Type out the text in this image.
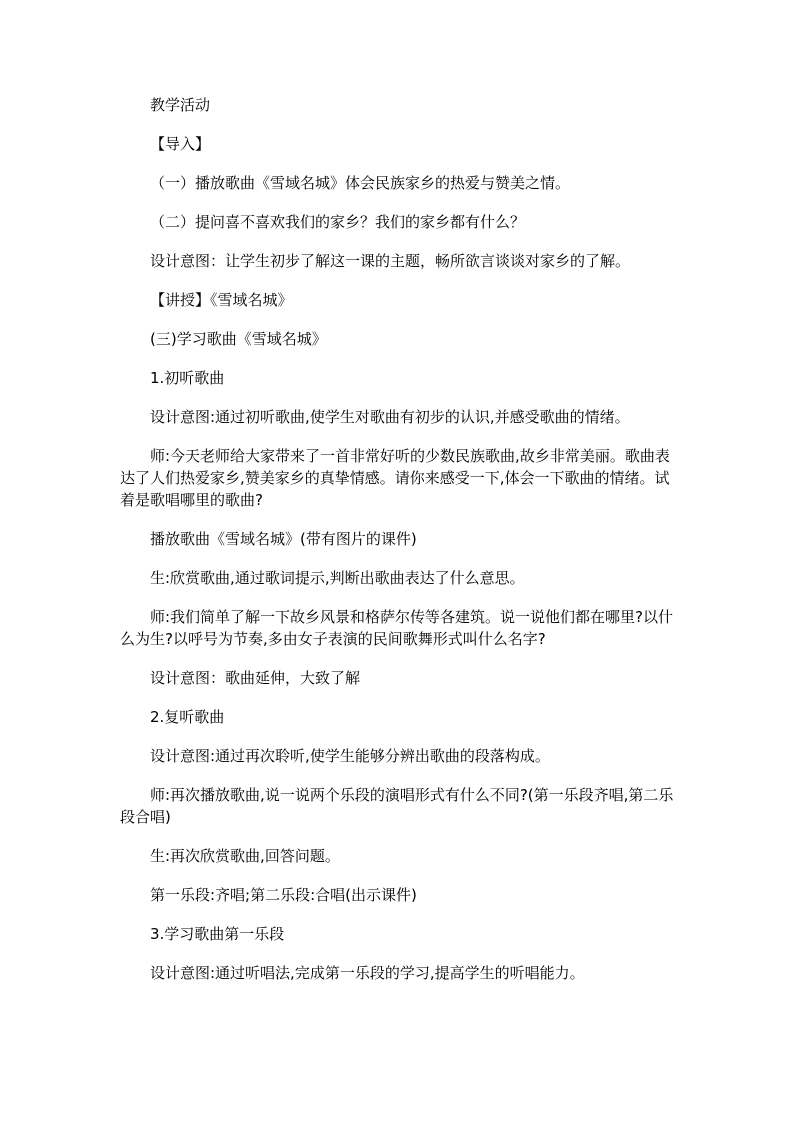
教学活动

【导入】

（一）播放歌曲《雪域名城》体会民族家乡的热爱与赞美之情。

（二）提问喜不喜欢我们的家乡？我们的家乡都有什么？

设计意图：让学生初步了解这一课的主题，畅所欲言谈谈对家乡的了解。

【讲授】《雪域名城》

(三)学习歌曲《雪域名城》

1.初听歌曲

设计意图:通过初听歌曲,使学生对歌曲有初步的认识,并感受歌曲的情绪。

师:今天老师给大家带来了一首非常好听的少数民族歌曲,故乡非常美丽。歌曲表达了人们热爱家乡,赞美家乡的真挚情感。请你来感受一下,体会一下歌曲的情绪。试着是歌唱哪里的歌曲?

播放歌曲《雪域名城》(带有图片的课件)

生:欣赏歌曲,通过歌词提示,判断出歌曲表达了什么意思。

师:我们简单了解一下故乡风景和格萨尔传等各建筑。说一说他们都在哪里?以什么为生?以呼号为节奏,多由女子表演的民间歌舞形式叫什么名字?

设计意图：歌曲延伸，大致了解

2.复听歌曲

设计意图:通过再次聆听,使学生能够分辨出歌曲的段落构成。

师:再次播放歌曲,说一说两个乐段的演唱形式有什么不同?(第一乐段齐唱,第二乐段合唱)

生:再次欣赏歌曲,回答问题。

第一乐段:齐唱;第二乐段:合唱(出示课件)

3.学习歌曲第一乐段

设计意图:通过听唱法,完成第一乐段的学习,提高学生的听唱能力。
